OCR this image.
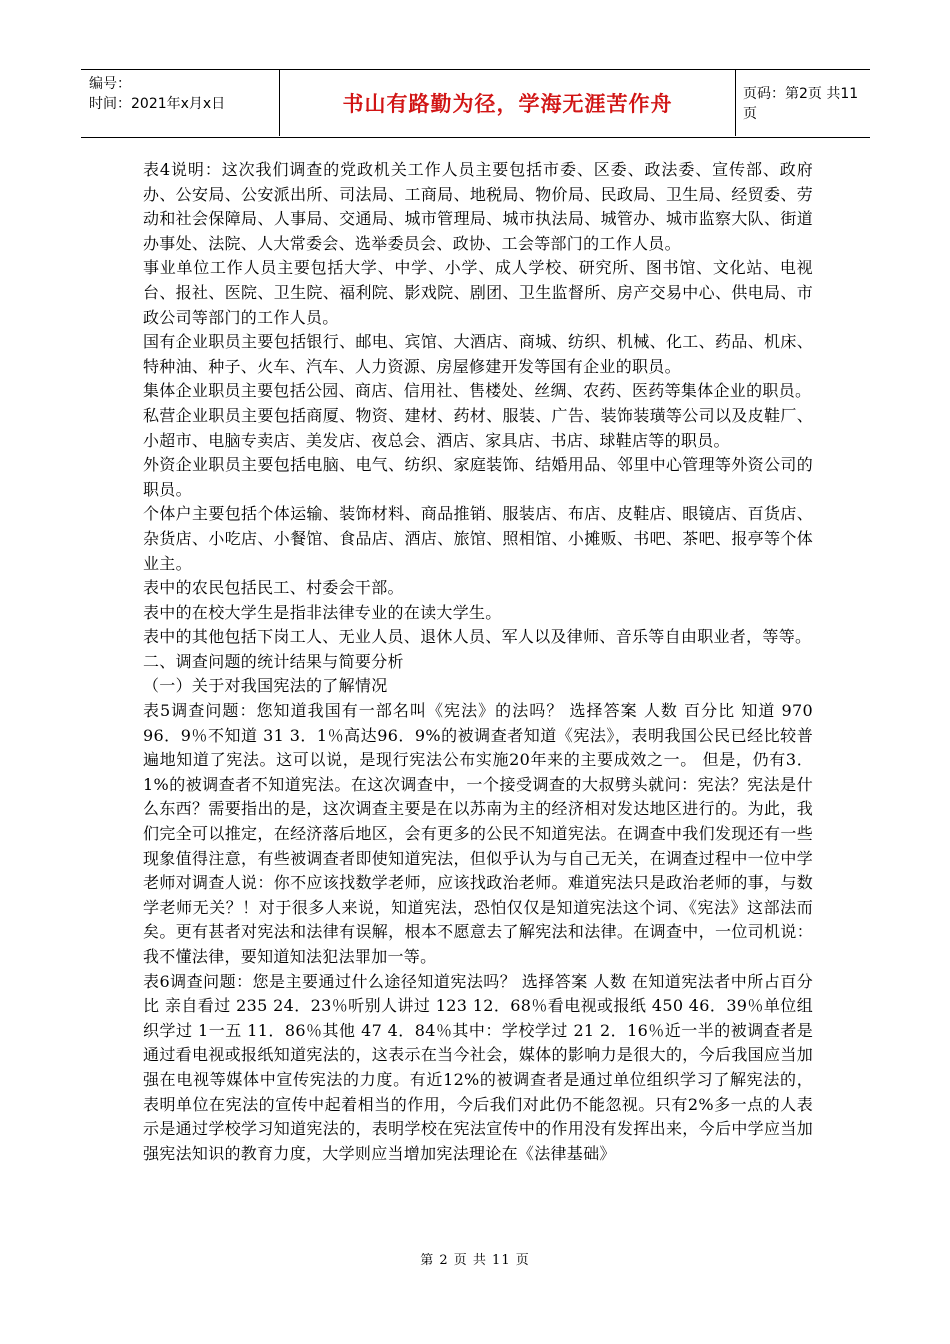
编号：
时间：2021年x月x日	书山有路勤为径，学海无涯苦作舟	页码：第2页 共11页

表4说明：这次我们调查的党政机关工作人员主要包括市委、区委、政法委、宣传部、政府办、公安局、公安派出所、司法局、工商局、地税局、物价局、民政局、卫生局、经贸委、劳动和社会保障局、人事局、交通局、城市管理局、城市执法局、城管办、城市监察大队、街道办事处、法院、人大常委会、选举委员会、政协、工会等部门的工作人员。

事业单位工作人员主要包括大学、中学、小学、成人学校、研究所、图书馆、文化站、电视台、报社、医院、卫生院、福利院、影戏院、剧团、卫生监督所、房产交易中心、供电局、市政公司等部门的工作人员。

国有企业职员主要包括银行、邮电、宾馆、大酒店、商城、纺织、机械、化工、药品、机床、特种油、种子、火车、汽车、人力资源、房屋修建开发等国有企业的职员。

集体企业职员主要包括公园、商店、信用社、售楼处、丝绸、农药、医药等集体企业的职员。

私营企业职员主要包括商厦、物资、建材、药材、服装、广告、装饰装璜等公司以及皮鞋厂、小超市、电脑专卖店、美发店、夜总会、酒店、家具店、书店、球鞋店等的职员。

外资企业职员主要包括电脑、电气、纺织、家庭装饰、结婚用品、邻里中心管理等外资公司的职员。

个体户主要包括个体运输、装饰材料、商品推销、服装店、布店、皮鞋店、眼镜店、百货店、杂货店、小吃店、小餐馆、食品店、酒店、旅馆、照相馆、小摊贩、书吧、茶吧、报亭等个体业主。

表中的农民包括民工、村委会干部。

表中的在校大学生是指非法律专业的在读大学生。

表中的其他包括下岗工人、无业人员、退休人员、军人以及律师、音乐等自由职业者，等等。

二、调查问题的统计结果与简要分析

（一）关于对我国宪法的了解情况

表5调查问题：您知道我国有一部名叫《宪法》的法吗？ 选择答案 人数 百分比 知道 970 96．9％不知道 31 3．1％高达96．9%的被调查者知道《宪法》，表明我国公民已经比较普遍地知道了宪法。这可以说，是现行宪法公布实施20年来的主要成效之一。 但是，仍有3．1%的被调查者不知道宪法。在这次调查中，一个接受调查的大叔劈头就问：宪法？宪法是什么东西？需要指出的是，这次调查主要是在以苏南为主的经济相对发达地区进行的。为此，我们完全可以推定，在经济落后地区，会有更多的公民不知道宪法。在调查中我们发现还有一些现象值得注意，有些被调查者即使知道宪法，但似乎认为与自己无关，在调查过程中一位中学老师对调查人说：你不应该找数学老师，应该找政治老师。难道宪法只是政治老师的事，与数学老师无关？！对于很多人来说，知道宪法，恐怕仅仅是知道宪法这个词、《宪法》这部法而矣。更有甚者对宪法和法律有误解，根本不愿意去了解宪法和法律。在调查中，一位司机说：我不懂法律，要知道知法犯法罪加一等。

表6调查问题：您是主要通过什么途径知道宪法吗？ 选择答案 人数 在知道宪法者中所占百分比 亲自看过 235 24．23％听别人讲过 123 12．68％看电视或报纸 450 46．39％单位组织学过 1一五 11．86％其他 47 4．84％其中：学校学过 21 2．16％近一半的被调查者是通过看电视或报纸知道宪法的，这表示在当今社会，媒体的影响力是很大的，今后我国应当加强在电视等媒体中宣传宪法的力度。有近12%的被调查者是通过单位组织学习了解宪法的，表明单位在宪法的宣传中起着相当的作用，今后我们对此仍不能忽视。只有2%多一点的人表示是通过学校学习知道宪法的，表明学校在宪法宣传中的作用没有发挥出来，今后中学应当加强宪法知识的教育力度，大学则应当增加宪法理论在《法律基础》

第 2 页 共 11 页
